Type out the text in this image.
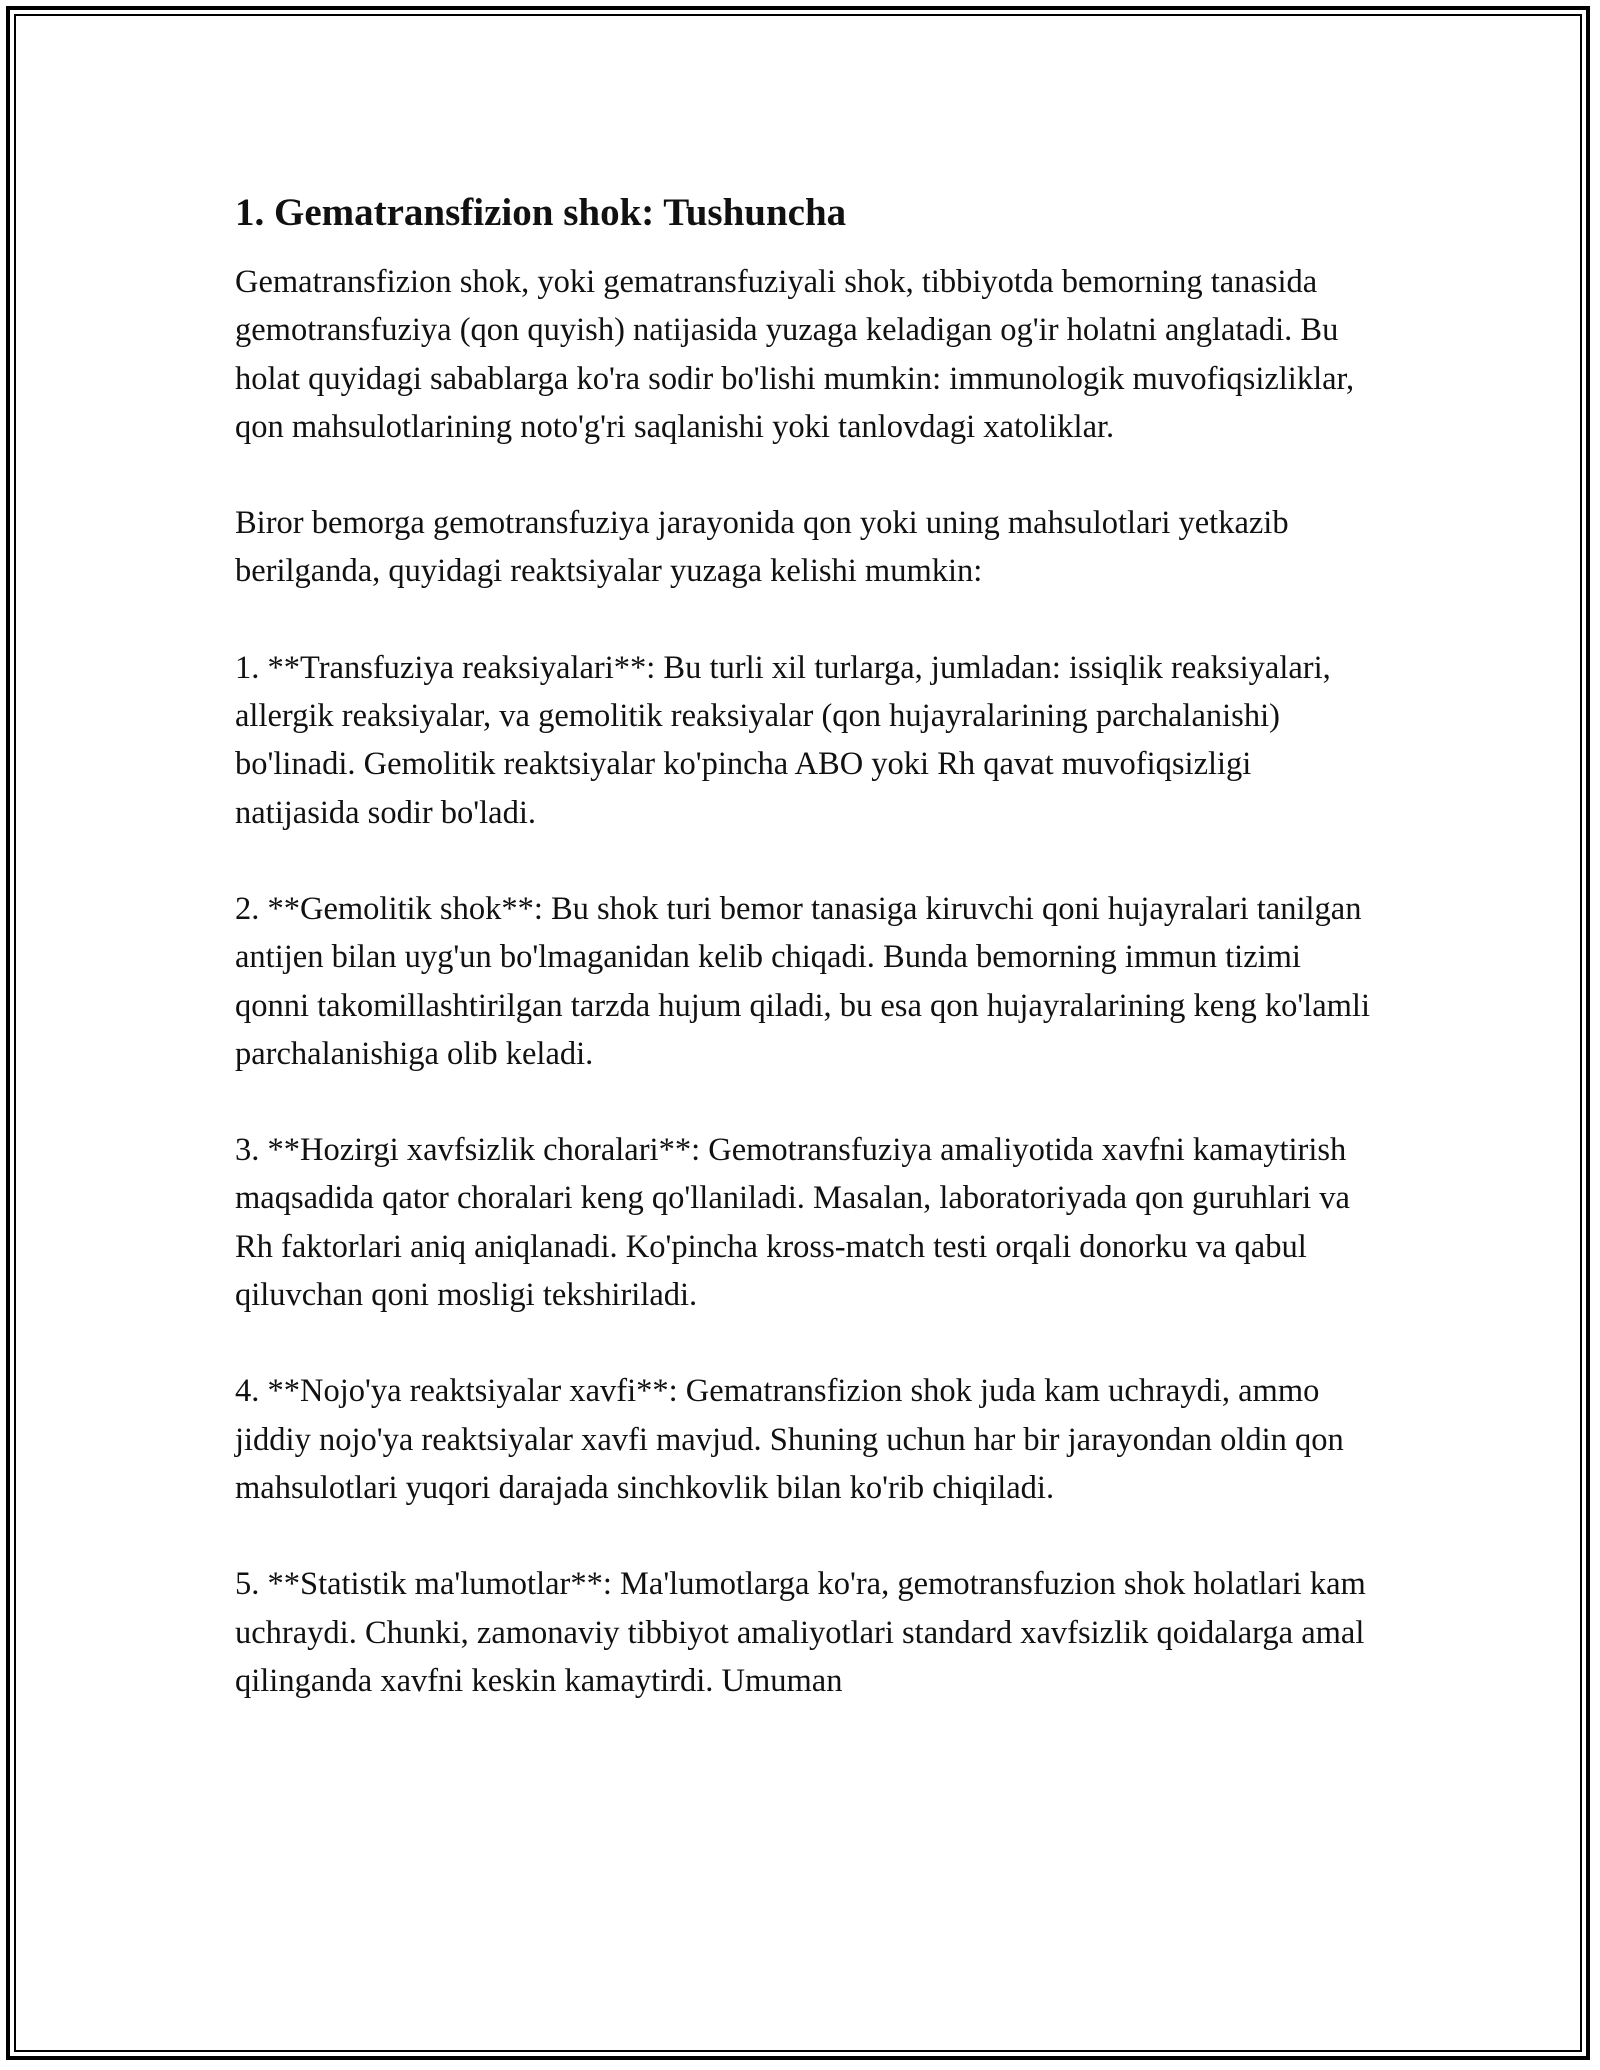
1. Gematransfizion shok: Tushuncha

Gematransfizion shok, yoki gematransfuziyali shok, tibbiyotda bemorning tanasida gemotransfuziya (qon quyish) natijasida yuzaga keladigan og'ir holatni anglatadi. Bu holat quyidagi sabablarga ko'ra sodir bo'lishi mumkin: immunologik muvofiqsizliklar, qon mahsulotlarining noto'g'ri saqlanishi yoki tanlovdagi xatoliklar.

Biror bemorga gemotransfuziya jarayonida qon yoki uning mahsulotlari yetkazib berilganda, quyidagi reaktsiyalar yuzaga kelishi mumkin:

1. **Transfuziya reaksiyalari**: Bu turli xil turlarga, jumladan: issiqlik reaksiyalari, allergik reaksiyalar, va gemolitik reaksiyalar (qon hujayralarining parchalanishi) bo'linadi. Gemolitik reaktsiyalar ko'pincha ABO yoki Rh qavat muvofiqsizligi natijasida sodir bo'ladi.

2. **Gemolitik shok**: Bu shok turi bemor tanasiga kiruvchi qoni hujayralari tanilgan antijen bilan uyg'un bo'lmaganidan kelib chiqadi. Bunda bemorning immun tizimi qonni takomillashtirilgan tarzda hujum qiladi, bu esa qon hujayralarining keng ko'lamli parchalanishiga olib keladi.

3. **Hozirgi xavfsizlik choralari**: Gemotransfuziya amaliyotida xavfni kamaytirish maqsadida qator choralari keng qo'llaniladi. Masalan, laboratoriyada qon guruhlari va Rh faktorlari aniq aniqlanadi. Ko'pincha kross-match testi orqali donorku va qabul qiluvchan qoni mosligi tekshiriladi.

4. **Nojo'ya reaktsiyalar xavfi**: Gematransfizion shok juda kam uchraydi, ammo jiddiy nojo'ya reaktsiyalar xavfi mavjud. Shuning uchun har bir jarayondan oldin qon mahsulotlari yuqori darajada sinchkovlik bilan ko'rib chiqiladi.

5. **Statistik ma'lumotlar**: Ma'lumotlarga ko'ra, gemotransfuzion shok holatlari kam uchraydi. Chunki, zamonaviy tibbiyot amaliyotlari standard xavfsizlik qoidalarga amal qilinganda xavfni keskin kamaytirdi. Umuman
